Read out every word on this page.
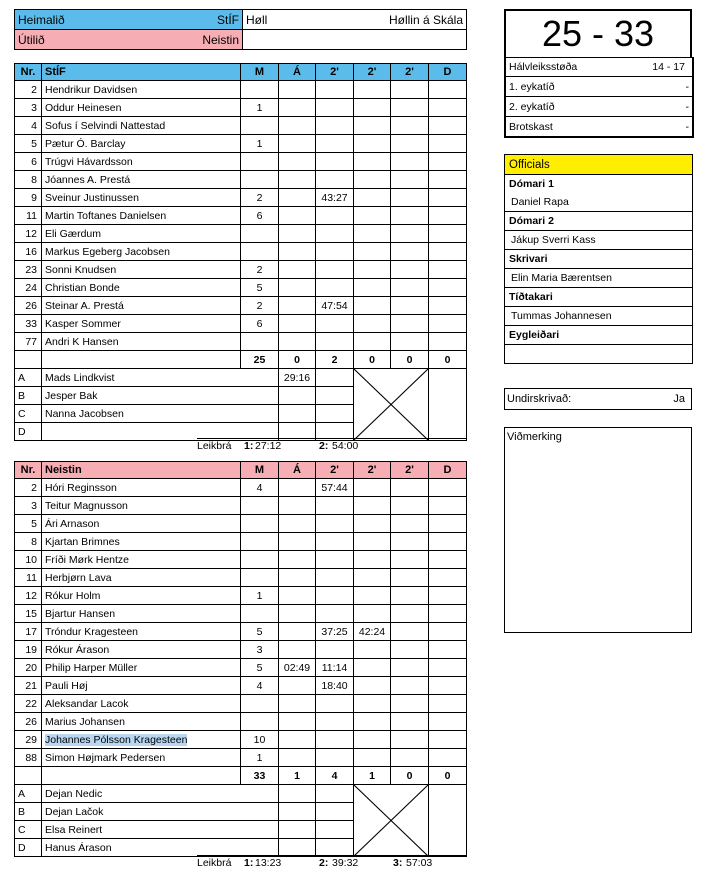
Heimalið StÍF	Høll Høllin á Skála

Útilið Neistin	

Nr.	StÍF	M	Á	2'	2'	2'	D
2	Hendrikur Davidsen						
3	Oddur Heinesen	1					
4	Sofus í Selvindi Nattestad						
5	Pætur Ó. Barclay	1					
6	Trúgvi Hávardsson						
8	Jóannes A. Prestá						
9	Sveinur Justinussen	2		43:27			
11	Martin Toftanes Danielsen	6					
12	Eli Gærdum						
16	Markus Egeberg Jacobsen						
23	Sonni Knudsen	2					
24	Christian Bonde	5					
26	Steinar A. Prestá	2		47:54			
33	Kasper Sommer	6					
77	Andri K Hansen						
		25	0	2	0	0	0
A	Mads Lindkvist		29:16		

B	Jesper Bak						
C	Nanna Jacobsen						
D							
Leikbrá 1: 27:12	2: 54:00
Nr.	Neistin	M	Á	2'	2'	2'	D
2	Hóri Reginsson	4		57:44			
3	Teitur Magnusson						
5	Ári Arnason						
8	Kjartan Brimnes						
10	Fríði Mørk Hentze						
11	Herbjørn Lava						
12	Rókur Holm	1					
15	Bjartur Hansen						
17	Tróndur Kragesteen	5		37:25	42:24		
19	Rókur Árason	3					
20	Philip Harper Müller	5	02:49	11:14			
21	Pauli Høj	4		18:40			
22	Aleksandar Lacok						
26	Marius Johansen						
29	Johannes Pólsson Kragesteen	10					
88	Simon Højmark Pedersen	1					
		33	1	4	1	0	0
A	Dejan Nedic			

B	Dejan Lačok						
C	Elsa Reinert						
D	Hanus Árason						
Leikbrá 1: 13:23	2: 39:32	3: 57:03
25 - 33
Hálvleiksstøða	14 - 17

1. eykatíð	-

2. eykatíð	-

Brotskast	-
Officials
Dómari 1
Daniel Rapa
Dómari 2
Jákup Sverri Kass
Skrivari
Elin Maria Bærentsen
Tíðtakari
Tummas Johannesen
Eygleiðari

Undirskrivað:	Ja
Viðmerking
